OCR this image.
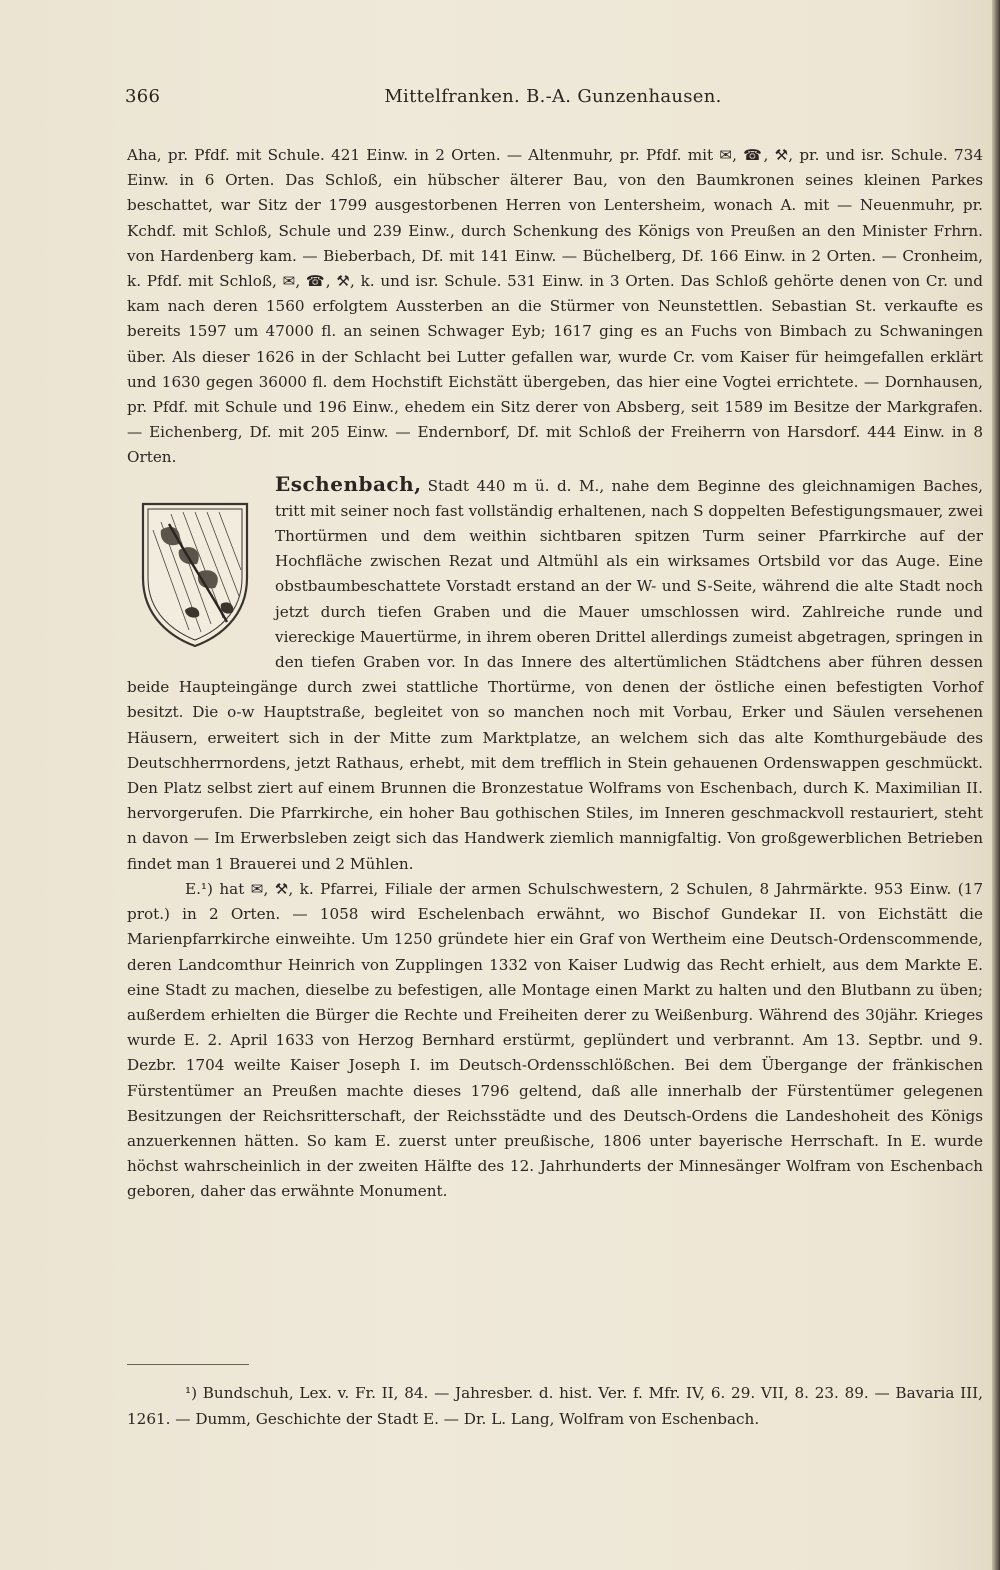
366	Mittelfranken. B.-A. Gunzenhausen.

Aha, pr. Pfdf. mit Schule. 421 Einw. in 2 Orten. — Altenmuhr, pr. Pfdf. mit ✉, ☎, ⚒, pr. und isr. Schule. 734 Einw. in 6 Orten. Das Schloß, ein hübscher älterer Bau, von den Baumkronen seines kleinen Parkes beschattet, war Sitz der 1799 ausgestorbenen Herren von Lentersheim, wonach A. mit — Neuenmuhr, pr. Kchdf. mit Schloß, Schule und 239 Einw., durch Schenkung des Königs von Preußen an den Minister Frhrn. von Hardenberg kam. — Bieberbach, Df. mit 141 Einw. — Büchelberg, Df. 166 Einw. in 2 Orten. — Cronheim, k. Pfdf. mit Schloß, ✉, ☎, ⚒, k. und isr. Schule. 531 Einw. in 3 Orten. Das Schloß gehörte denen von Cr. und kam nach deren 1560 erfolgtem Aussterben an die Stürmer von Neunstettlen. Sebastian St. verkaufte es bereits 1597 um 47000 fl. an seinen Schwager Eyb; 1617 ging es an Fuchs von Bimbach zu Schwaningen über. Als dieser 1626 in der Schlacht bei Lutter gefallen war, wurde Cr. vom Kaiser für heimgefallen erklärt und 1630 gegen 36000 fl. dem Hochstift Eichstätt übergeben, das hier eine Vogtei errichtete. — Dornhausen, pr. Pfdf. mit Schule und 196 Einw., ehedem ein Sitz derer von Absberg, seit 1589 im Besitze der Markgrafen. — Eichenberg, Df. mit 205 Einw. — Endernborf, Df. mit Schloß der Freiherrn von Harsdorf. 444 Einw. in 8 Orten.

Eschenbach, Stadt 440 m ü. d. M., nahe dem Beginne des gleichnamigen Baches, tritt mit seiner noch fast vollständig erhaltenen, nach S doppelten Befestigungsmauer, zwei Thortürmen und dem weithin sichtbaren spitzen Turm seiner Pfarrkirche auf der Hochfläche zwischen Rezat und Altmühl als ein wirksames Ortsbild vor das Auge. Eine obstbaumbeschattete Vorstadt erstand an der W- und S-Seite, während die alte Stadt noch jetzt durch tiefen Graben und die Mauer umschlossen wird. Zahlreiche runde und viereckige Mauertürme, in ihrem oberen Drittel allerdings zumeist abgetragen, springen in den tiefen Graben vor. In das Innere des altertümlichen Städtchens aber führen dessen beide Haupteingänge durch zwei stattliche Thortürme, von denen der östliche einen befestigten Vorhof besitzt. Die o-w Hauptstraße, begleitet von so manchen noch mit Vorbau, Erker und Säulen versehenen Häusern, erweitert sich in der Mitte zum Marktplatze, an welchem sich das alte Komthurgebäude des Deutschherrnordens, jetzt Rathaus, erhebt, mit dem trefflich in Stein gehauenen Ordenswappen geschmückt. Den Platz selbst ziert auf einem Brunnen die Bronzestatue Wolframs von Eschenbach, durch K. Maximilian II. hervorgerufen. Die Pfarrkirche, ein hoher Bau gothischen Stiles, im Inneren geschmackvoll restauriert, steht n davon — Im Erwerbsleben zeigt sich das Handwerk ziemlich mannigfaltig. Von großgewerblichen Betrieben findet man 1 Brauerei und 2 Mühlen.

E.¹) hat ✉, ⚒, k. Pfarrei, Filiale der armen Schulschwestern, 2 Schulen, 8 Jahrmärkte. 953 Einw. (17 prot.) in 2 Orten. — 1058 wird Eschelenbach erwähnt, wo Bischof Gundekar II. von Eichstätt die Marienpfarrkirche einweihte. Um 1250 gründete hier ein Graf von Wertheim eine Deutsch-Ordenscommende, deren Landcomthur Heinrich von Zupplingen 1332 von Kaiser Ludwig das Recht erhielt, aus dem Markte E. eine Stadt zu machen, dieselbe zu befestigen, alle Montage einen Markt zu halten und den Blutbann zu üben; außerdem erhielten die Bürger die Rechte und Freiheiten derer zu Weißenburg. Während des 30jähr. Krieges wurde E. 2. April 1633 von Herzog Bernhard erstürmt, geplündert und verbrannt. Am 13. Septbr. und 9. Dezbr. 1704 weilte Kaiser Joseph I. im Deutsch-Ordensschlößchen. Bei dem Übergange der fränkischen Fürstentümer an Preußen machte dieses 1796 geltend, daß alle innerhalb der Fürstentümer gelegenen Besitzungen der Reichsritterschaft, der Reichsstädte und des Deutsch-Ordens die Landeshoheit des Königs anzuerkennen hätten. So kam E. zuerst unter preußische, 1806 unter bayerische Herrschaft. In E. wurde höchst wahrscheinlich in der zweiten Hälfte des 12. Jahrhunderts der Minnesänger Wolfram von Eschenbach geboren, daher das erwähnte Monument.

¹) Bundschuh, Lex. v. Fr. II, 84. — Jahresber. d. hist. Ver. f. Mfr. IV, 6. 29. VII, 8. 23. 89. — Bavaria III, 1261. — Dumm, Geschichte der Stadt E. — Dr. L. Lang, Wolfram von Eschenbach.
